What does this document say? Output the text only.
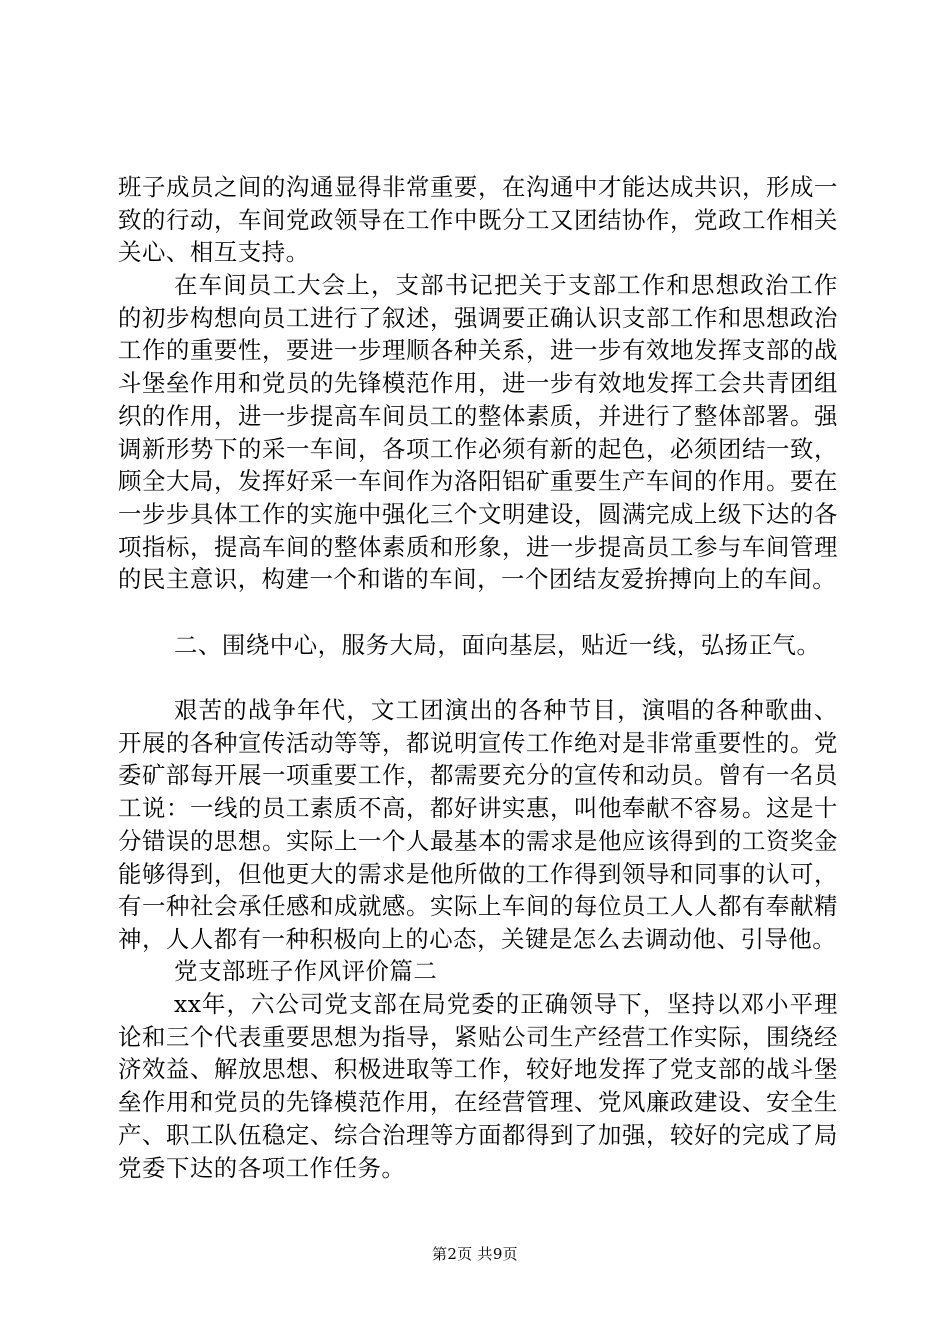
班子成员之间的沟通显得非常重要，在沟通中才能达成共识，形成一致的行动，车间党政领导在工作中既分工又团结协作，党政工作相关关心、相互支持。

在车间员工大会上，支部书记把关于支部工作和思想政治工作的初步构想向员工进行了叙述，强调要正确认识支部工作和思想政治工作的重要性，要进一步理顺各种关系，进一步有效地发挥支部的战斗堡垒作用和党员的先锋模范作用，进一步有效地发挥工会共青团组织的作用，进一步提高车间员工的整体素质，并进行了整体部署。强调新形势下的采一车间，各项工作必须有新的起色，必须团结一致，顾全大局，发挥好采一车间作为洛阳铝矿重要生产车间的作用。要在一步步具体工作的实施中强化三个文明建设，圆满完成上级下达的各项指标，提高车间的整体素质和形象，进一步提高员工参与车间管理的民主意识，构建一个和谐的车间，一个团结友爱拚搏向上的车间。

二、围绕中心，服务大局，面向基层，贴近一线，弘扬正气。

艰苦的战争年代，文工团演出的各种节目，演唱的各种歌曲、开展的各种宣传活动等等，都说明宣传工作绝对是非常重要性的。党委矿部每开展一项重要工作，都需要充分的宣传和动员。曾有一名员工说：一线的员工素质不高，都好讲实惠，叫他奉献不容易。这是十分错误的思想。实际上一个人最基本的需求是他应该得到的工资奖金能够得到，但他更大的需求是他所做的工作得到领导和同事的认可，有一种社会承任感和成就感。实际上车间的每位员工人人都有奉献精神，人人都有一种积极向上的心态，关键是怎么去调动他、引导他。

党支部班子作风评价篇二

xx年，六公司党支部在局党委的正确领导下，坚持以邓小平理论和三个代表重要思想为指导，紧贴公司生产经营工作实际，围绕经济效益、解放思想、积极进取等工作，较好地发挥了党支部的战斗堡垒作用和党员的先锋模范作用，在经营管理、党风廉政建设、安全生产、职工队伍稳定、综合治理等方面都得到了加强，较好的完成了局党委下达的各项工作任务。

第2页 共9页
